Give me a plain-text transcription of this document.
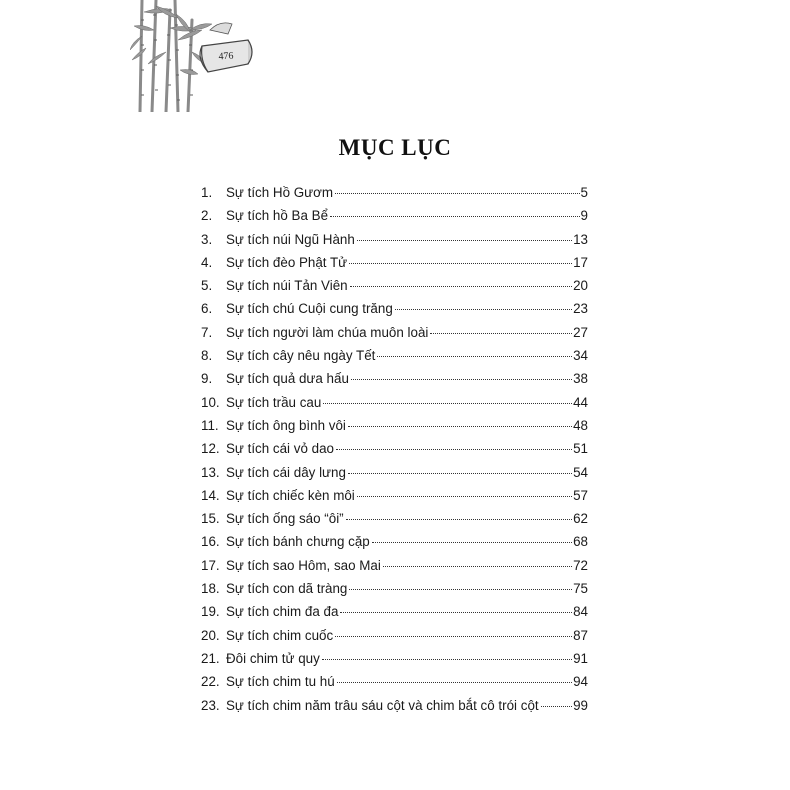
476
MỤC LỤC
1.	Sự tích Hồ Gươm	5
2.	Sự tích hồ Ba Bể	9
3.	Sự tích núi Ngũ Hành	13
4.	Sự tích đèo Phật Tử	17
5.	Sự tích núi Tản Viên	20
6.	Sự tích chú Cuội cung trăng	23
7.	Sự tích người làm chúa muôn loài	27
8.	Sự tích cây nêu ngày Tết	34
9.	Sự tích quả dưa hấu	38
10. Sự tích trầu cau	44
11. Sự tích ông bình vôi	48
12. Sự tích cái vỏ dao	51
13. Sự tích cái dây lưng	54
14. Sự tích chiếc kèn môi	57
15. Sự tích ống sáo “ôi”	62
16. Sự tích bánh chưng cặp	68
17. Sự tích sao Hôm, sao Mai	72
18. Sự tích con dã tràng	75
19. Sự tích chim đa đa	84
20. Sự tích chim cuốc	87
21. Đôi chim tử quy	91
22. Sự tích chim tu hú	94
23. Sự tích chim năm trâu sáu cột và chim bắt cô trói cột	99
